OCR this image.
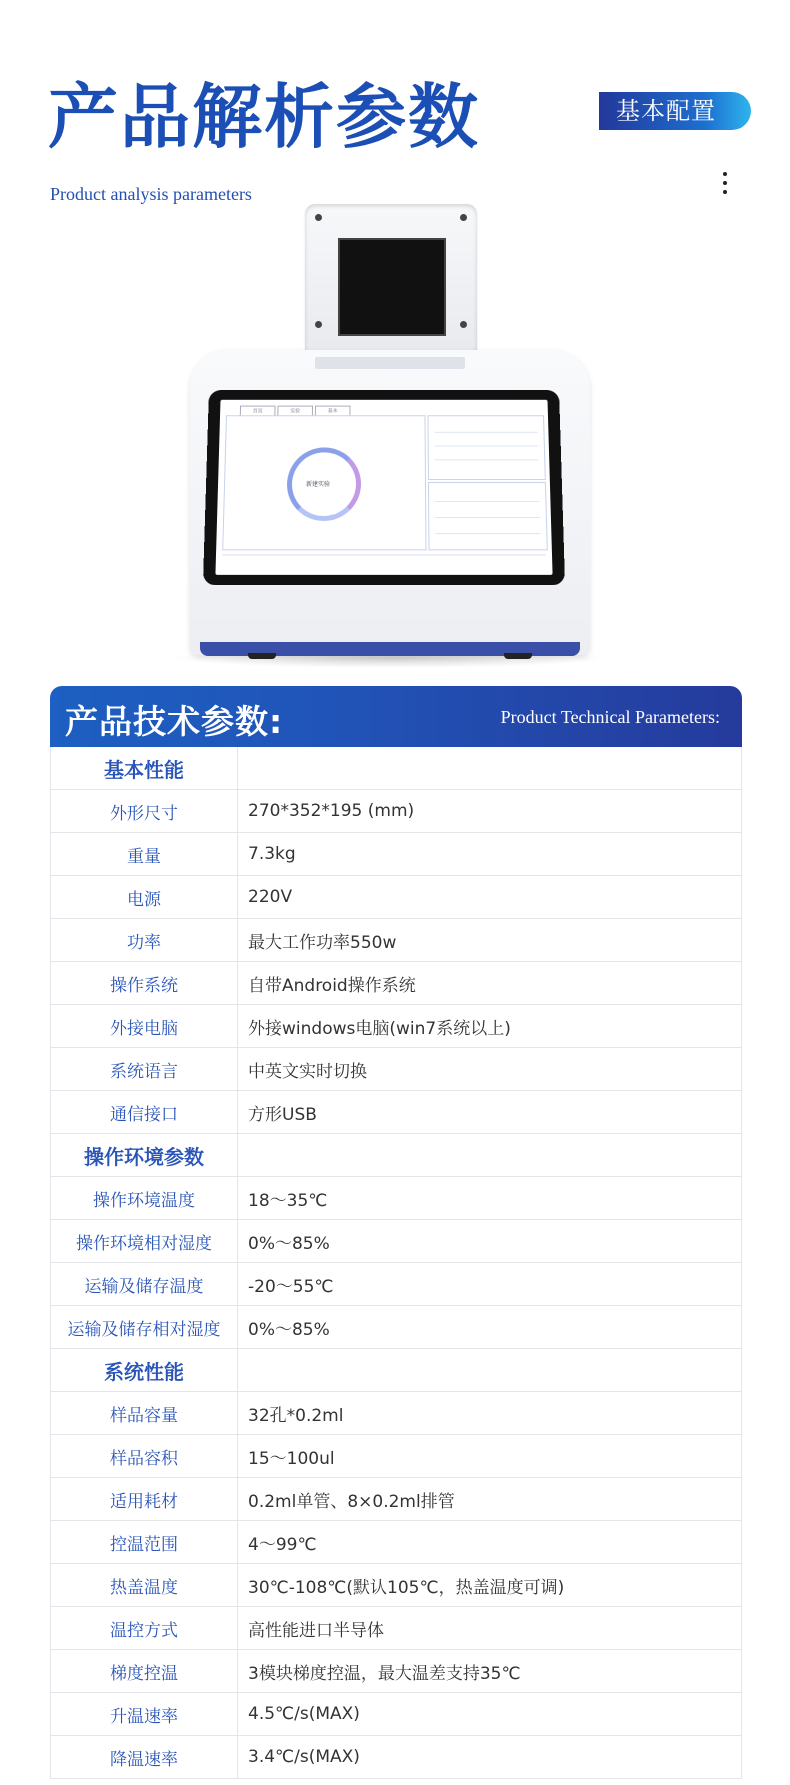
产品解析参数
Product analysis parameters
基本配置
首页	实验	基本
新建实验
产品技术参数:	Product Technical Parameters:
基本性能	
外形尺寸	270*352*195 (mm)
重量	7.3kg
电源	220V
功率	最大工作功率550w
操作系统	自带Android操作系统
外接电脑	外接windows电脑(win7系统以上)
系统语言	中英文实时切换
通信接口	方形USB
操作环境参数	
操作环境温度	18～35℃
操作环境相对湿度	0%～85%
运输及储存温度	-20～55℃
运输及储存相对湿度	0%～85%
系统性能	
样品容量	32孔*0.2ml
样品容积	15～100ul
适用耗材	0.2ml单管、8×0.2ml排管
控温范围	4～99℃
热盖温度	30℃-108℃(默认105℃，热盖温度可调)
温控方式	高性能进口半导体
梯度控温	3模块梯度控温，最大温差支持35℃
升温速率	4.5℃/s(MAX)
降温速率	3.4℃/s(MAX)
